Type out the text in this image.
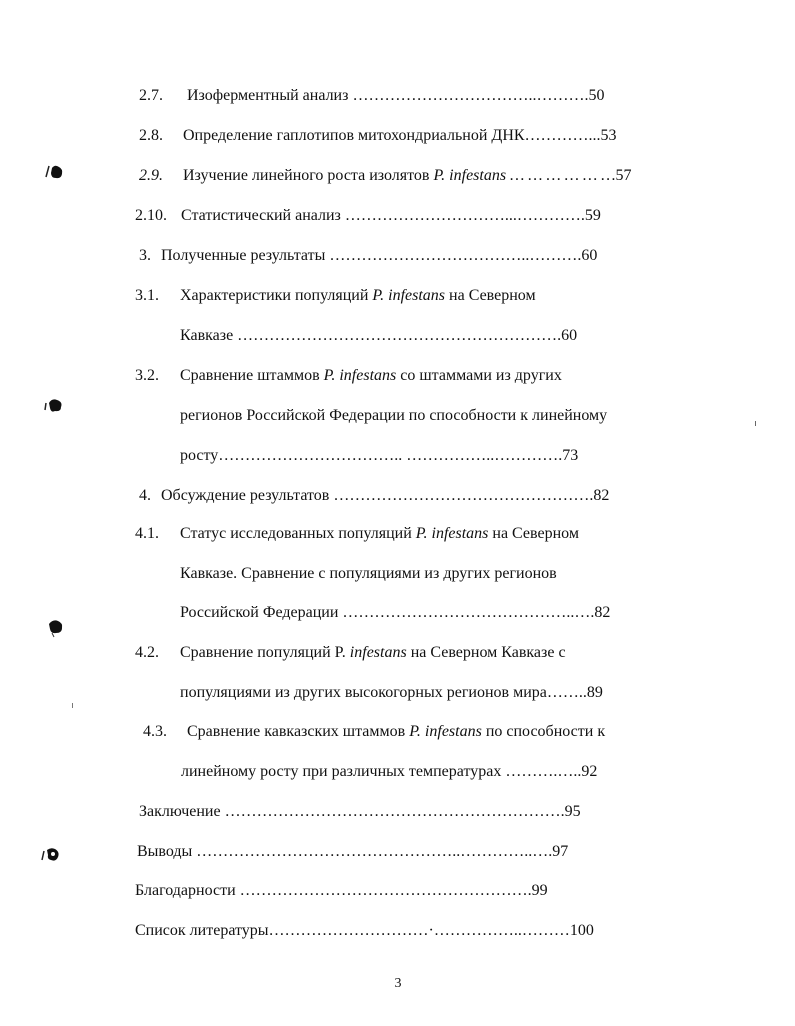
2.7. Изоферментный анализ ……………………………..……….50
2.8. Определение гаплотипов митохондриальной ДНК…………...53
2.9. Изучение линейного роста изолятов P. infestans … … … … … …57
2.10. Статистический анализ …………………………...………….59
3. Полученные результаты ………………………………..……….60
3.1. Характеристики популяций P. infestans на Северном
Кавказе …………………………………………………….60
3.2. Сравнение штаммов P. infestans со штаммами из других
регионов Российской Федерации по способности к линейному
росту…………………………….. ……………..………….73
4. Обсуждение результатов ………………………………………….82
4.1. Статус исследованных популяций P. infestans на Северном
Кавказе. Сравнение с популяциями из других регионов
Российской Федерации ……………………………………..….82
4.2. Сравнение популяций P. infestans на Северном Кавказе с
популяциями из других высокогорных регионов мира……..89
4.3. Сравнение кавказских штаммов P. infestans по способности к
линейному росту при различных температурах ……….…..92
Заключение ……………………………………………………….95
Выводы …………………………………………..…………..….97
Благодарности ……………………………………………….99
Список литературы…………………………·……………..………100
3
